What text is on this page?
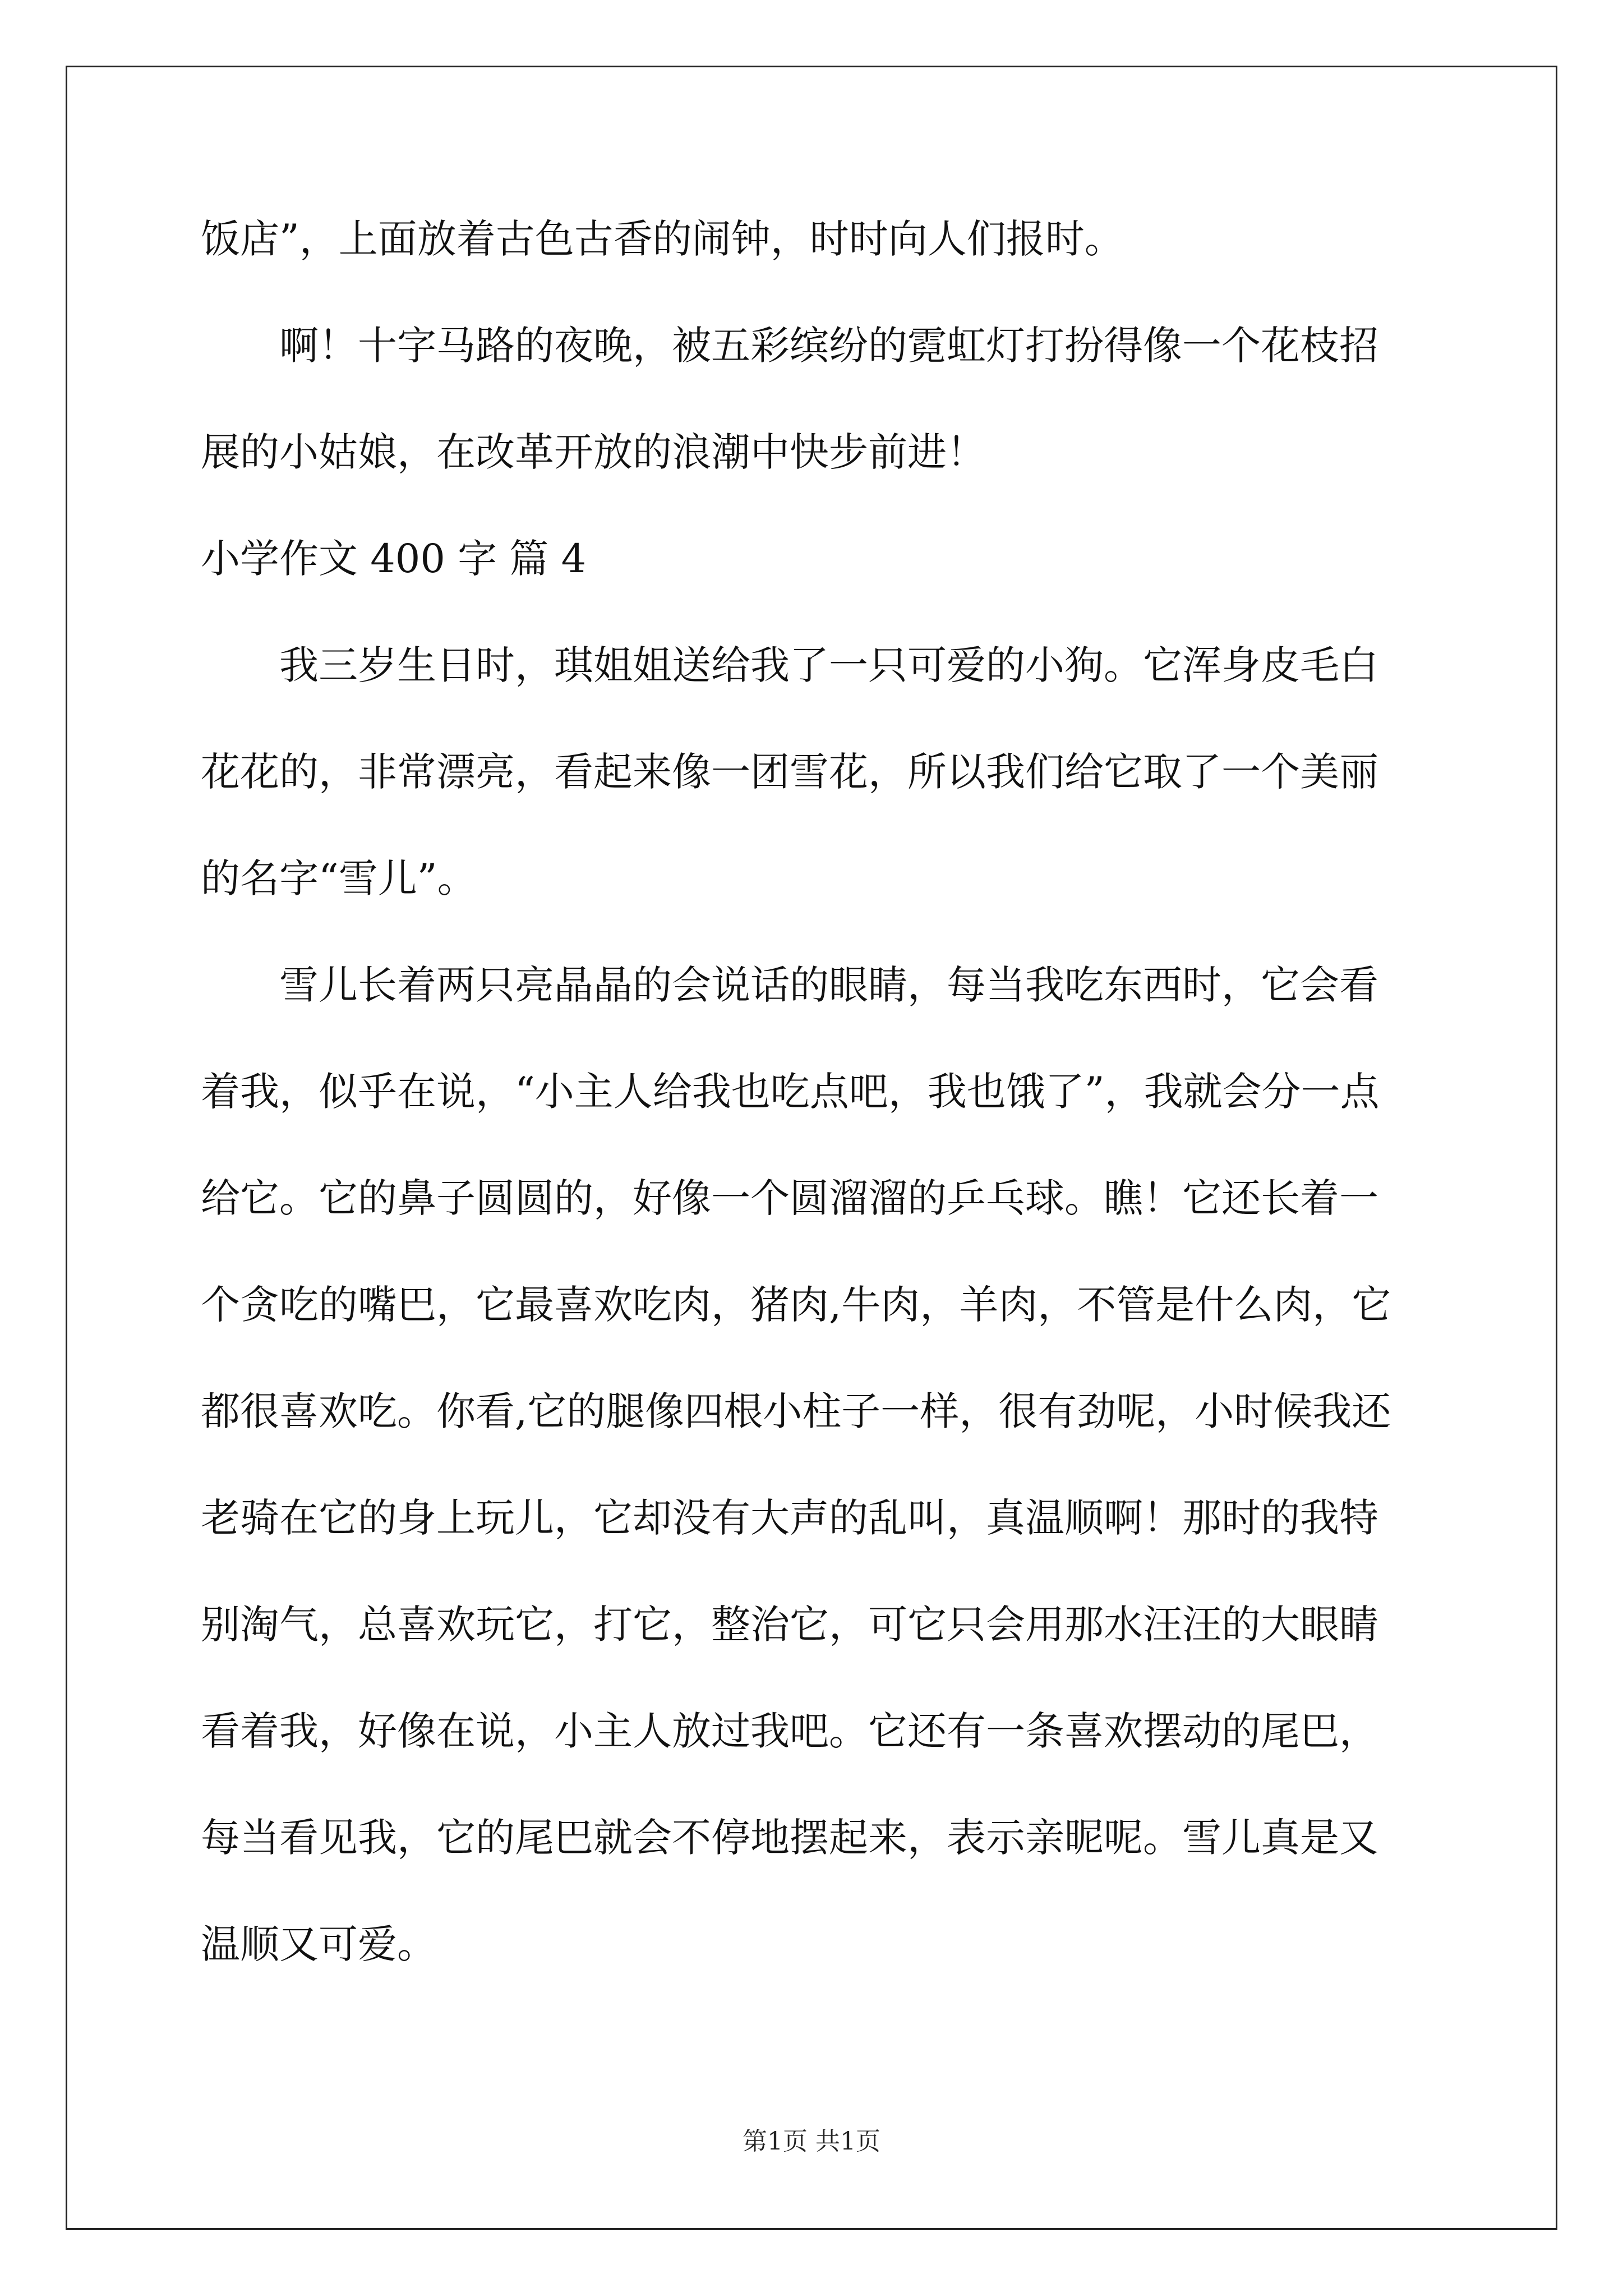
饭店”，上面放着古色古香的闹钟，时时向人们报时。
　　啊！十字马路的夜晚，被五彩缤纷的霓虹灯打扮得像一个花枝招
展的小姑娘，在改革开放的浪潮中快步前进！
小学作文 400 字 篇 4
　　我三岁生日时，琪姐姐送给我了一只可爱的小狗。它浑身皮毛白
花花的，非常漂亮，看起来像一团雪花，所以我们给它取了一个美丽
的名字“雪儿”。
　　雪儿长着两只亮晶晶的会说话的眼睛，每当我吃东西时，它会看
着我，似乎在说，“小主人给我也吃点吧，我也饿了”，我就会分一点
给它。它的鼻子圆圆的，好像一个圆溜溜的乒乓球。瞧！它还长着一
个贪吃的嘴巴，它最喜欢吃肉，猪肉,牛肉，羊肉，不管是什么肉，它
都很喜欢吃。你看,它的腿像四根小柱子一样，很有劲呢，小时候我还
老骑在它的身上玩儿，它却没有大声的乱叫，真温顺啊！那时的我特
别淘气，总喜欢玩它，打它，整治它，可它只会用那水汪汪的大眼睛
看着我，好像在说，小主人放过我吧。它还有一条喜欢摆动的尾巴，
每当看见我，它的尾巴就会不停地摆起来，表示亲昵呢。雪儿真是又
温顺又可爱。
第1页 共1页
